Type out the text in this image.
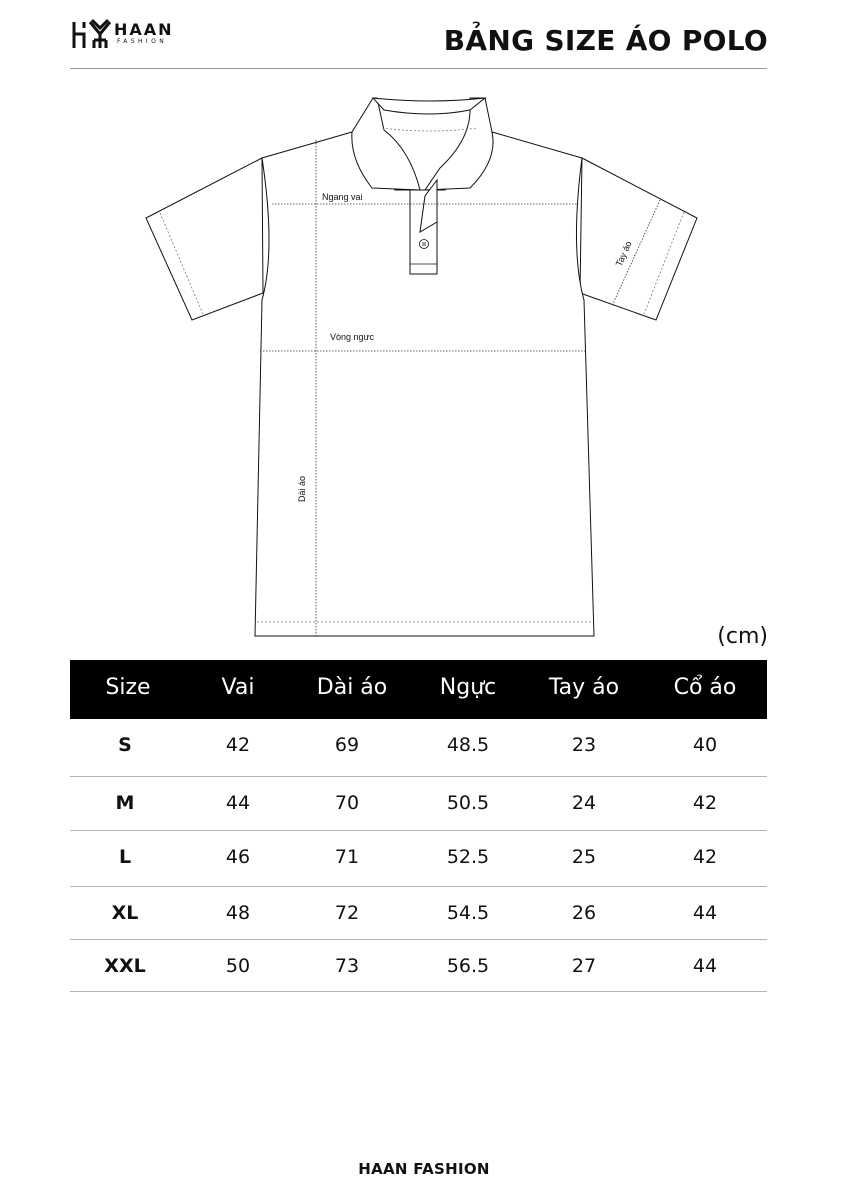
HAAN
FASHION	BẢNG SIZE ÁO POLO
Ngang vai
Vòng ngực
Dài áo
Tay áo
(cm)
Size	Vai	Dài áo	Ngực	Tay áo	Cổ áo
S	42	69	48.5	23	40
M	44	70	50.5	24	42
L	46	71	52.5	25	42
XL	48	72	54.5	26	44
XXL	50	73	56.5	27	44
HAAN FASHION
